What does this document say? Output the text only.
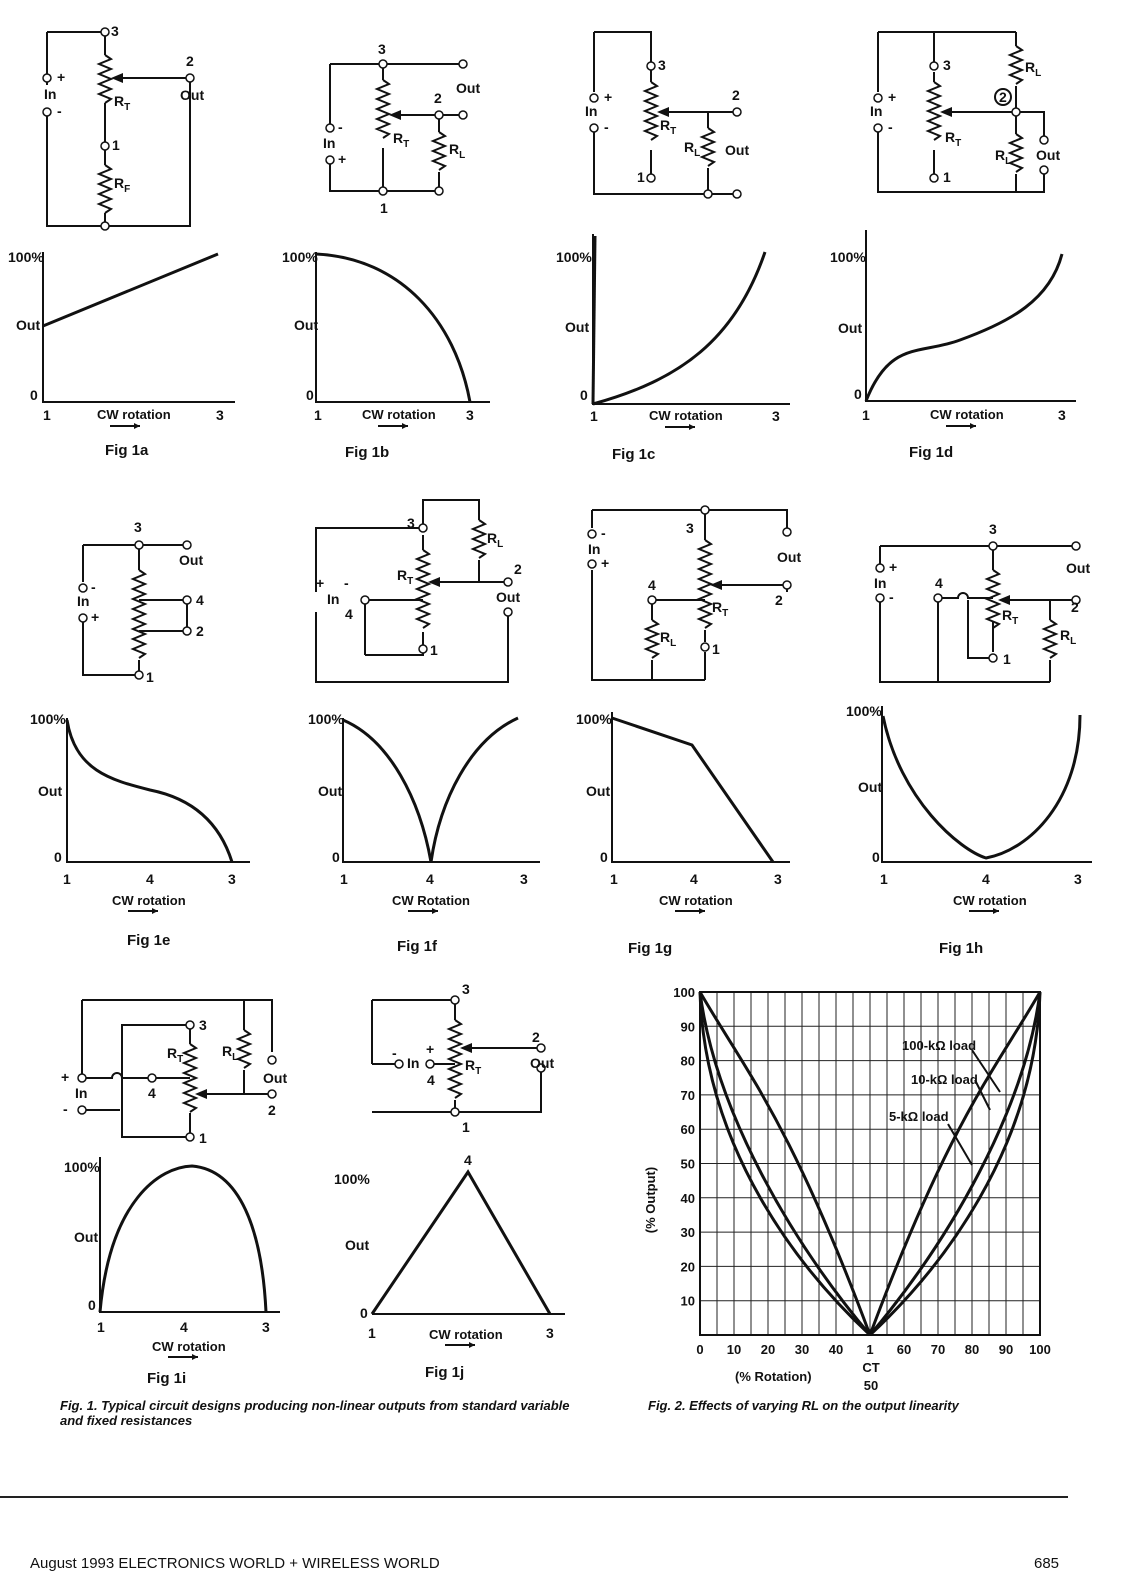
3
2
1
Out
In
+
-
$R_T$
$R_F$
100%
Out
0
1	3
CW rotation
Fig 1a
3
2
1
Out
In
-
+
$R_T$	$R_L$
100%
Out
0
1	3
CW rotation
Fig 1b
3
2
1
Out
In
+
-	$R_T$
$R_L$
100%
Out
0
1	3
CW rotation
Fig 1c
2
3
1
Out
In
+
-
$R_T$
$R_L$
$R_L$
100%
Out
0
1	3
CW rotation
Fig 1d
3
4
2
1
Out
In
-
+
100%
Out
0
1	4	3
CW rotation
Fig 1e
3
2
4
1
Out
In
+ -	$R_T$
$R_L$
100%
Out
0
1	4	3
CW Rotation
Fig 1f
3
2
4
1
Out
In
-
+
$R_T$
$R_L$
100%
Out
0
1	4	3
CW rotation
Fig 1g
3
2
4
1
Out
In
+
-
$R_T$
$R_L$
100%
Out
0
1	4	3
CW rotation
Fig 1h
3
2
4
1
Out
In
+
-
$R_T$
$R_L$
100%
Out
0
1	4	3
CW rotation
Fig 1i
3
2
4
1
Out
In
- +
$R_T$
4
100%
Out
0
1	3
CW rotation
Fig 1j
100-kΩ load
10-kΩ load
5-kΩ load
100
90
80
70
60
50
40
30
20
10
0 10 20 30 40 1 60 70 80 90 100
(% Output)
(% Rotation)
CT
50
Fig. 1. Typical circuit designs producing non-linear outputs from standard variable and fixed resistances
Fig. 2. Effects of varying RL on the output linearity
August 1993 ELECTRONICS WORLD + WIRELESS WORLD	685
